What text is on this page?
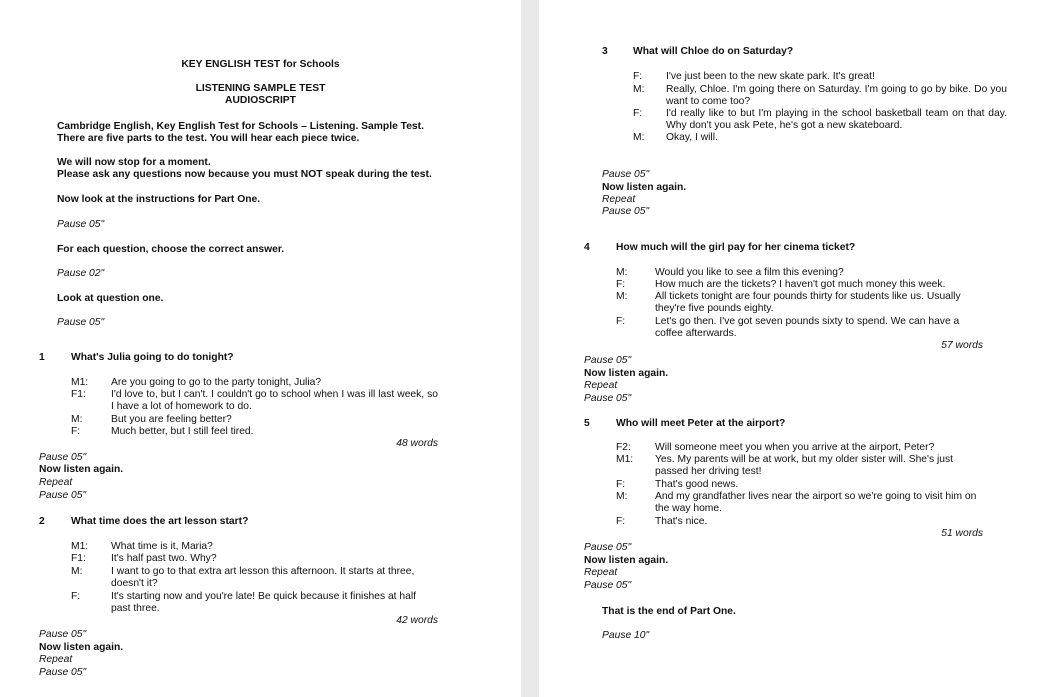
KEY ENGLISH TEST for Schools
LISTENING SAMPLE TEST
AUDIOSCRIPT
Cambridge English, Key English Test for Schools – Listening. Sample Test.
There are five parts to the test. You will hear each piece twice.
We will now stop for a moment.
Please ask any questions now because you must NOT speak during the test.
Now look at the instructions for Part One.
Pause 05"
For each question, choose the correct answer.
Pause 02"
Look at question one.
Pause 05"
1	What's Julia going to do tonight?
M1: Are you going to go to the party tonight, Julia?
F1: I'd love to, but I can't. I couldn't go to school when I was ill last week, so I have a lot of homework to do.
M:	But you are feeling better?
F:	Much better, but I still feel tired.
48 words
Pause 05"
Now listen again.
Repeat
Pause 05"
2	What time does the art lesson start?
M1: What time is it, Maria?
F1: It's half past two. Why?
M:	I want to go to that extra art lesson this afternoon. It starts at three, doesn't it?
F:	It's starting now and you're late! Be quick because it finishes at half past three.
42 words
Pause 05"
Now listen again.
Repeat
Pause 05"
3 What will Chloe do on Saturday?
F: I've just been to the new skate park. It's great!
M: Really, Chloe. I'm going there on Saturday. I'm going to go by bike. Do you want to come too?
F: I'd really like to but I'm playing in the school basketball team on that day. Why don't you ask Pete, he's got a new skateboard.
M: Okay, I will.
Pause 05"
Now listen again.
Repeat
Pause 05"
4	How much will the girl pay for her cinema ticket?
M:	Would you like to see a film this evening?
F:	How much are the tickets? I haven't got much money this week.
M:	All tickets tonight are four pounds thirty for students like us. Usually they're five pounds eighty.
F:	Let's go then. I've got seven pounds sixty to spend. We can have a coffee afterwards.
57 words
Pause 05"
Now listen again.
Repeat
Pause 05"
5	Who will meet Peter at the airport?
F2: Will someone meet you when you arrive at the airport, Peter?
M1: Yes. My parents will be at work, but my older sister will. She's just passed her driving test!
F:	That's good news.
M:	And my grandfather lives near the airport so we're going to visit him on the way home.
F:	That's nice.
51 words
Pause 05"
Now listen again.
Repeat
Pause 05"
That is the end of Part One.
Pause 10"
